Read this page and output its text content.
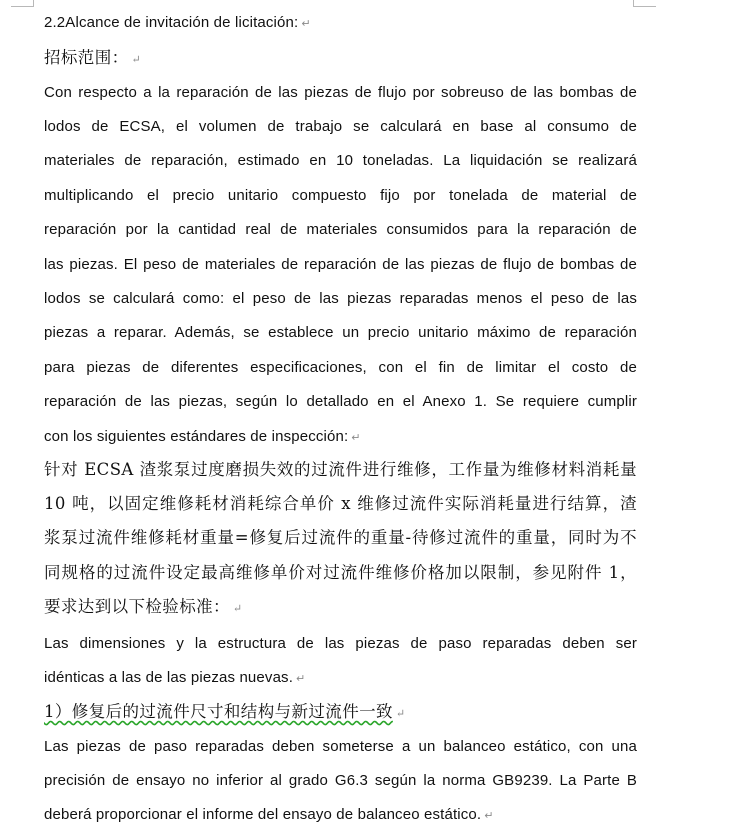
2.2Alcance de invitación de licitación: ↵
招标范围： ↵
Con respecto a la reparación de las piezas de flujo por sobreuso de las bombas de
lodos de ECSA, el volumen de trabajo se calculará en base al consumo de
materiales de reparación, estimado en 10 toneladas. La liquidación se realizará
multiplicando el precio unitario compuesto fijo por tonelada de material de
reparación por la cantidad real de materiales consumidos para la reparación de
las piezas. El peso de materiales de reparación de las piezas de flujo de bombas de
lodos se calculará como: el peso de las piezas reparadas menos el peso de las
piezas a reparar. Además, se establece un precio unitario máximo de reparación
para piezas de diferentes especificaciones, con el fin de limitar el costo de
reparación de las piezas, según lo detallado en el Anexo 1. Se requiere cumplir
con los siguientes estándares de inspección: ↵
针对 ECSA 渣浆泵过度磨损失效的过流件进行维修，工作量为维修材料消耗量
10 吨，以固定维修耗材消耗综合单价 x 维修过流件实际消耗量进行结算，渣
浆泵过流件维修耗材重量=修复后过流件的重量-待修过流件的重量，同时为不
同规格的过流件设定最高维修单价对过流件维修价格加以限制，参见附件 1，
要求达到以下检验标准： ↵
Las dimensiones y la estructura de las piezas de paso reparadas deben ser
idénticas a las de las piezas nuevas. ↵
1）修复后的过流件尺寸和结构与新过流件一致 ↵
Las piezas de paso reparadas deben someterse a un balanceo estático, con una
precisión de ensayo no inferior al grado G6.3 según la norma GB9239. La Parte B
deberá proporcionar el informe del ensayo de balanceo estático. ↵
